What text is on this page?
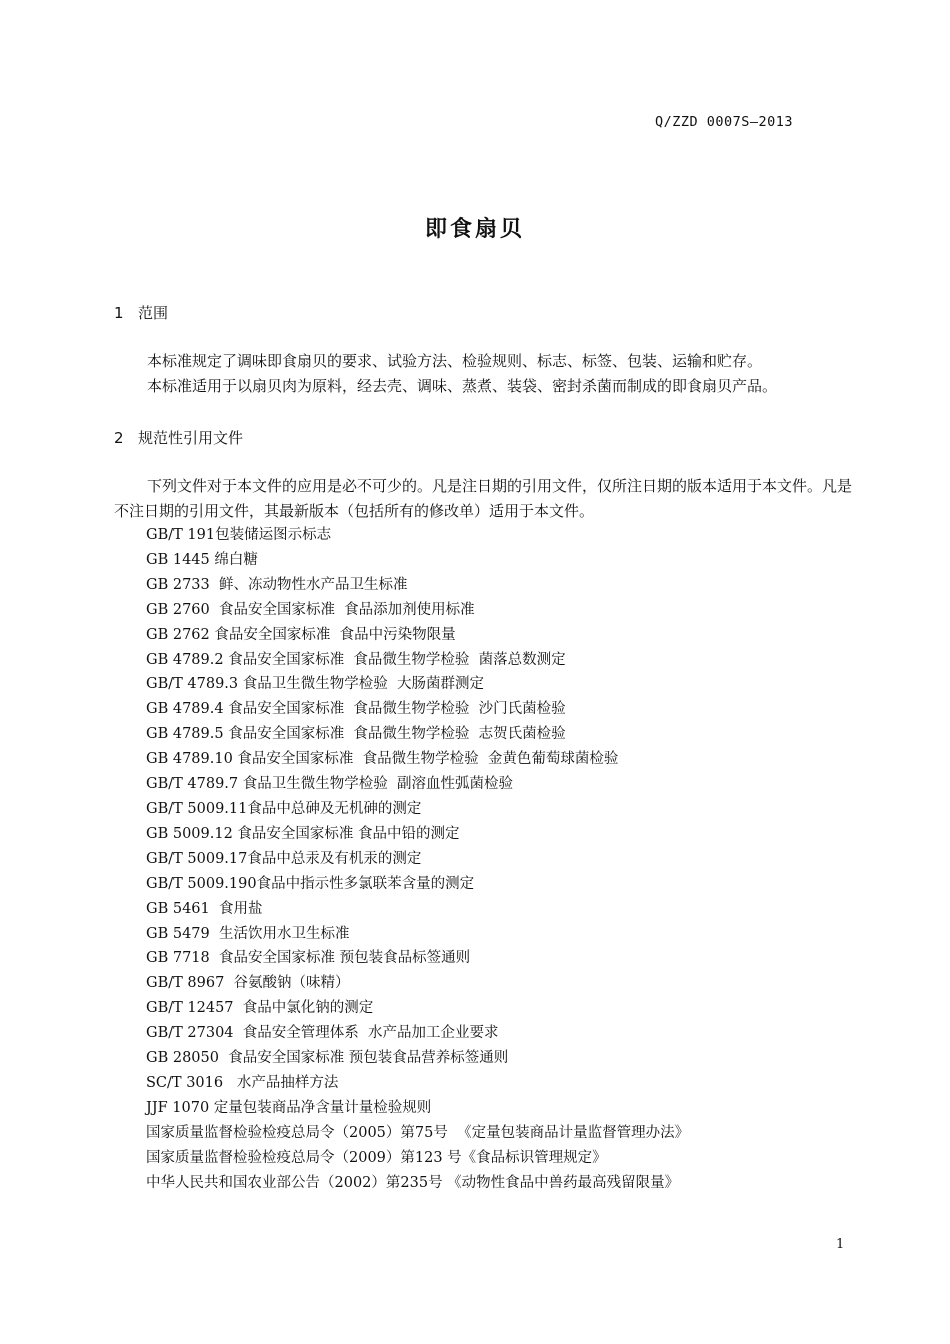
Q/ZZD 0007S—2013
即食扇贝
1 范围
本标准规定了调味即食扇贝的要求、试验方法、检验规则、标志、标签、包装、运输和贮存。
本标准适用于以扇贝肉为原料，经去壳、调味、蒸煮、装袋、密封杀菌而制成的即食扇贝产品。
2 规范性引用文件
下列文件对于本文件的应用是必不可少的。凡是注日期的引用文件，仅所注日期的版本适用于本文件。凡是不注日期的引用文件，其最新版本（包括所有的修改单）适用于本文件。
GB/T 191包装储运图示标志
GB 1445 绵白糖
GB 2733  鲜、冻动物性水产品卫生标准
GB 2760  食品安全国家标准  食品添加剂使用标准
GB 2762 食品安全国家标准  食品中污染物限量
GB 4789.2 食品安全国家标准  食品微生物学检验  菌落总数测定
GB/T 4789.3 食品卫生微生物学检验  大肠菌群测定
GB 4789.4 食品安全国家标准  食品微生物学检验  沙门氏菌检验
GB 4789.5 食品安全国家标准  食品微生物学检验  志贺氏菌检验
GB 4789.10 食品安全国家标准  食品微生物学检验  金黄色葡萄球菌检验
GB/T 4789.7 食品卫生微生物学检验  副溶血性弧菌检验
GB/T 5009.11食品中总砷及无机砷的测定
GB 5009.12 食品安全国家标准 食品中铅的测定
GB/T 5009.17食品中总汞及有机汞的测定
GB/T 5009.190食品中指示性多氯联苯含量的测定
GB 5461  食用盐
GB 5479  生活饮用水卫生标准
GB 7718  食品安全国家标准 预包装食品标签通则
GB/T 8967  谷氨酸钠（味精）
GB/T 12457  食品中氯化钠的测定
GB/T 27304  食品安全管理体系  水产品加工企业要求
GB 28050  食品安全国家标准 预包装食品营养标签通则
SC/T 3016   水产品抽样方法
JJF 1070 定量包装商品净含量计量检验规则
国家质量监督检验检疫总局令（2005）第75号  《定量包装商品计量监督管理办法》
国家质量监督检验检疫总局令（2009）第123 号《食品标识管理规定》
中华人民共和国农业部公告（2002）第235号 《动物性食品中兽药最高残留限量》
1
